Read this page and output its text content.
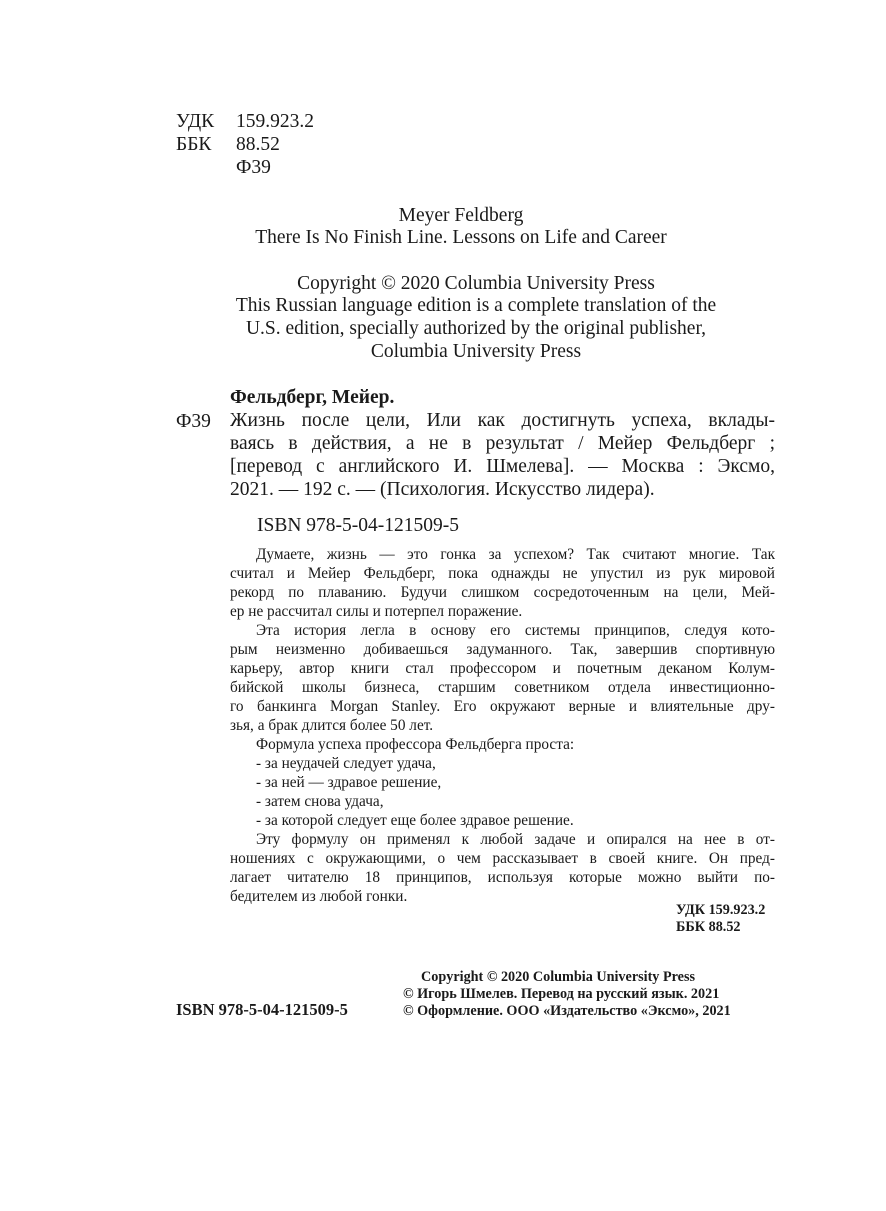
УДК 159.923.2
ББК 88.52
Ф39
Meyer Feldberg
There Is No Finish Line. Lessons on Life and Career
Copyright © 2020 Columbia University Press
This Russian language edition is a complete translation of the
U.S. edition, specially authorized by the original publisher,
Columbia University Press
Фельдберг, Мейер.
Ф39 Жизнь после цели, Или как достигнуть успеха, вклады-
ваясь в действия, а не в результат / Мейер Фельдберг ;
[перевод с английского И. Шмелева]. — Москва : Эксмо,
2021. — 192 с. — (Психология. Искусство лидера).
ISBN 978-5-04-121509-5

Думаете, жизнь — это гонка за успехом? Так считают многие. Так

считал и Мейер Фельдберг, пока однажды не упустил из рук мировой

рекорд по плаванию. Будучи слишком сосредоточенным на цели, Мей-

ер не рассчитал силы и потерпел поражение.

Эта история легла в основу его системы принципов, следуя кото-

рым неизменно добиваешься задуманного. Так, завершив спортивную

карьеру, автор книги стал профессором и почетным деканом Колум-

бийской школы бизнеса, старшим советником отдела инвестиционно-

го банкинга Morgan Stanley. Его окружают верные и влиятельные дру-

зья, а брак длится более 50 лет.

Формула успеха профессора Фельдберга проста:

- за неудачей следует удача,

- за ней — здравое решение,

- затем снова удача,

- за которой следует еще более здравое решение.

Эту формулу он применял к любой задаче и опирался на нее в от-

ношениях с окружающими, о чем рассказывает в своей книге. Он пред-

лагает читателю 18 принципов, используя которые можно выйти по-

бедителем из любой гонки.

УДК 159.923.2
ББК 88.52
ISBN 978-5-04-121509-5
Copyright © 2020 Columbia University Press
© Игорь Шмелев. Перевод на русский язык. 2021
© Оформление. ООО «Издательство «Эксмо», 2021
